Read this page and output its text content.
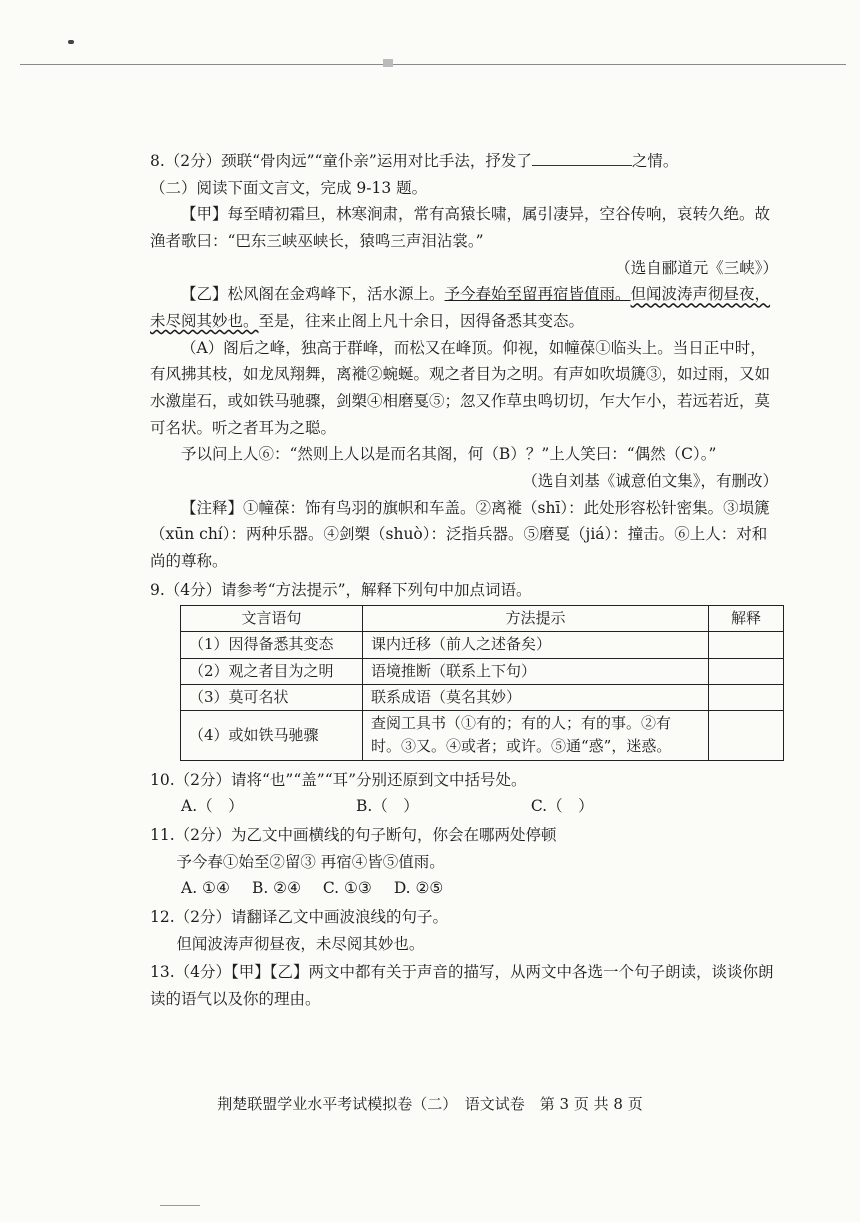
8.（2分）颈联“骨肉远”“童仆亲”运用对比手法，抒发了	之情。

（二）阅读下面文言文，完成 9-13 题。

【甲】每至晴初霜旦，林寒涧肃，常有高猿长啸，属引凄异，空谷传响，哀转久绝。故渔者歌曰：“巴东三峡巫峡长，猿鸣三声泪沾裳。”

（选自郦道元《三峡》）

【乙】松风阁在金鸡峰下，活水源上。予今春始至留再宿皆值雨。但闻波涛声彻昼夜，未尽阅其妙也。至是，往来止阁上凡十余日，因得备悉其变态。

（A）阁后之峰，独高于群峰，而松又在峰顶。仰视，如幢葆①临头上。当日正中时，有风拂其枝，如龙凤翔舞，离褷②蜿蜒。观之者目为之明。有声如吹埙篪③，如过雨，又如水激崖石，或如铁马驰骤，剑槊④相磨戛⑤；忽又作草虫鸣切切，乍大乍小，若远若近，莫可名状。听之者耳为之聪。

予以问上人⑥：“然则上人以是而名其阁，何（B）？”上人笑曰：“偶然（C）。”

（选自刘基《诚意伯文集》，有删改）

【注释】①幢葆：饰有鸟羽的旗帜和车盖。②离褷（shī）：此处形容松针密集。③埙篪（xūn chí）：两种乐器。④剑槊（shuò）：泛指兵器。⑤磨戛（jiá）：撞击。⑥上人：对和尚的尊称。

9.（4分）请参考“方法提示”，解释下列句中加点词语。

文言语句	方法提示	解释
（1）因得备悉其变态	课内迁移（前人之述备矣）	
（2）观之者目为之明	语境推断（联系上下句）	
（3）莫可名状	联系成语（莫名其妙）	
（4）或如铁马驰骤	查阅工具书（①有的；有的人；有的事。②有时。③又。④或者；或许。⑤通“惑”，迷惑。	

10.（2分）请将“也”“盖”“耳”分别还原到文中括号处。

A.（　）	B.（　）	C.（　）

11.（2分）为乙文中画横线的句子断句，你会在哪两处停顿

予今春①始至②留③ 再宿④皆⑤值雨。

A. ①④ B. ②④ C. ①③ D. ②⑤

12.（2分）请翻译乙文中画波浪线的句子。

但闻波涛声彻昼夜，未尽阅其妙也。

13.（4分）【甲】【乙】两文中都有关于声音的描写，从两文中各选一个句子朗读，谈谈你朗读的语气以及你的理由。

荆楚联盟学业水平考试模拟卷（二）　语文试卷　第 3 页 共 8 页
